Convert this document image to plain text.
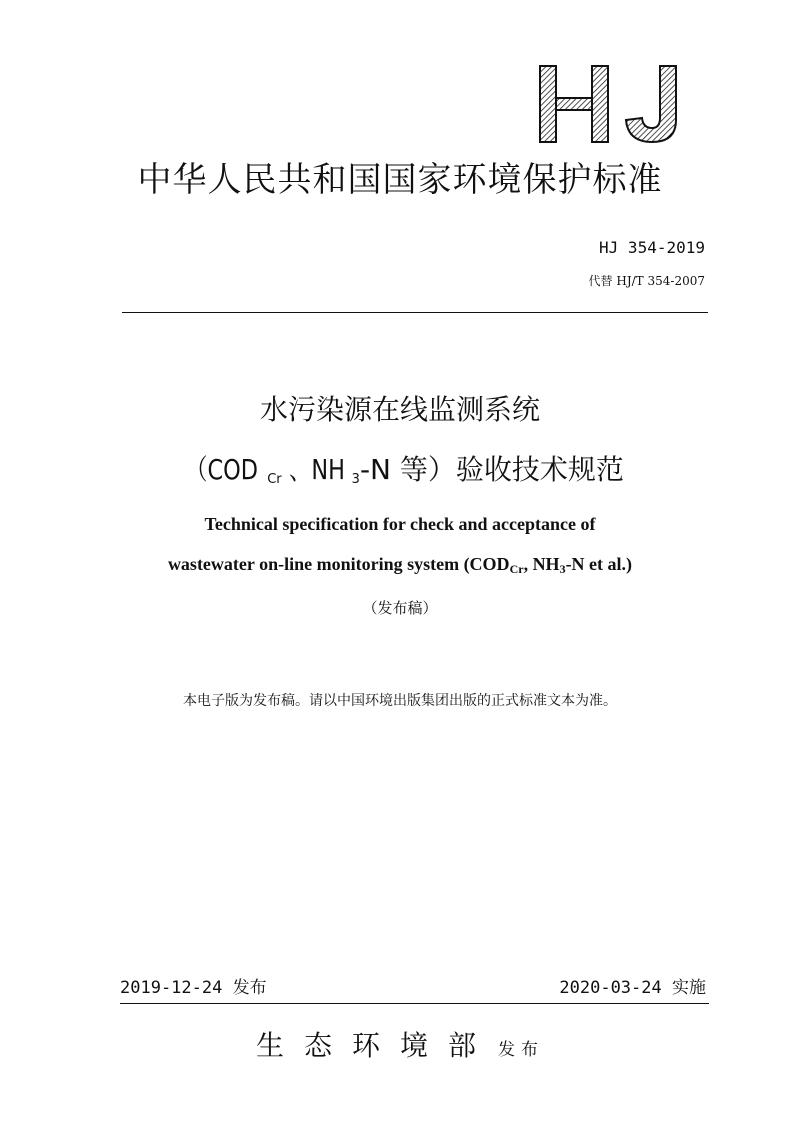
中华人民共和国国家环境保护标准
HJ 354-2019
代替 HJ/T 354-2007
水污染源在线监测系统
（COD $_{Cr}$ 、NH $_3$-N 等）验收技术规范
Technical specification for check and acceptance of
wastewater on-line monitoring system ($COD_{Cr}$, $NH_3-N$ et al.)
（发布稿）
本电子版为发布稿。请以中国环境出版集团出版的正式标准文本为准。
2019-12-24 发布	2020-03-24 实施
生态环境部 发布
